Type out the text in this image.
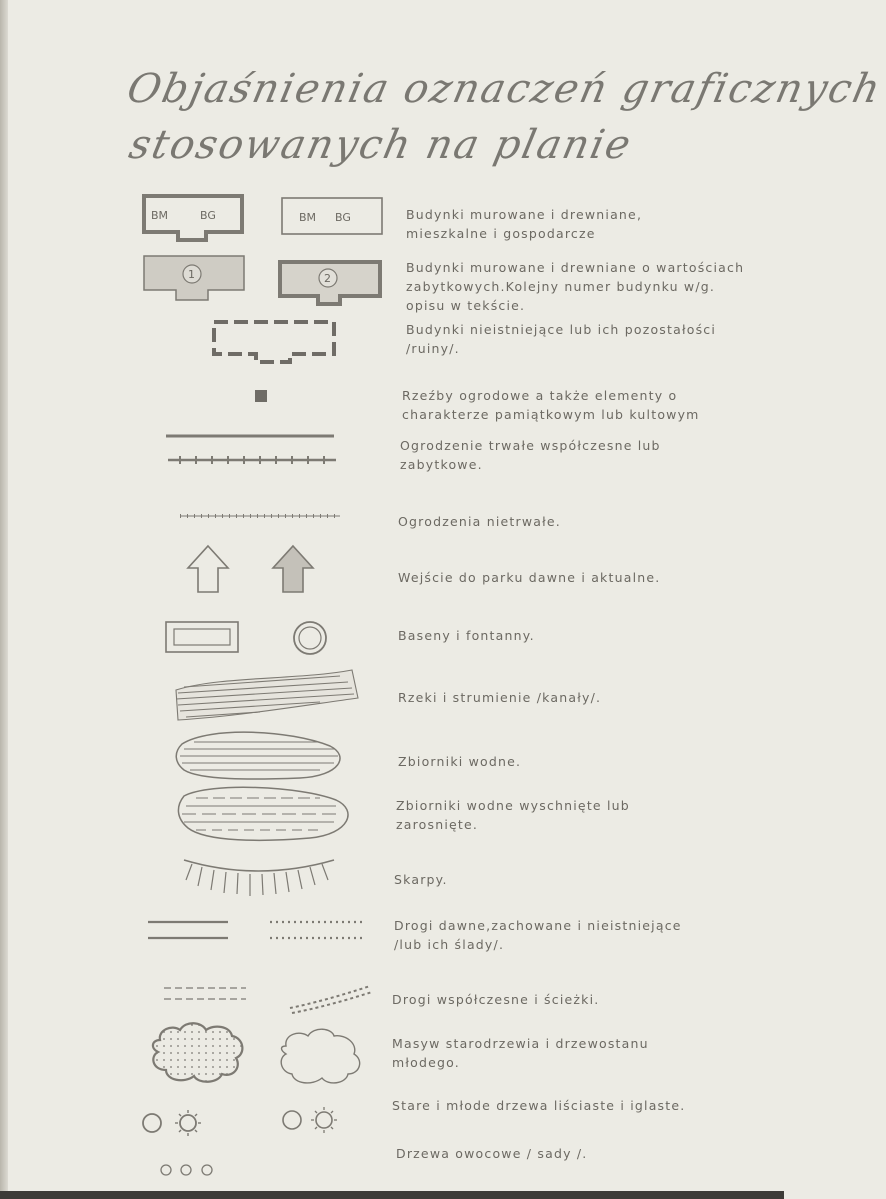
Objaśnienia oznaczeń graficznych
stosowanych na planie
BM	BG	BM BG
1	2
Budynki murowane i drewniane,
mieszkalne i gospodarcze
Budynki murowane i drewniane o wartościach
zabytkowych.Kolejny numer budynku w/g.
opisu w tekście.
Budynki nieistniejące lub ich pozostałości
/ruiny/.
Rzeźby ogrodowe a także elementy o
charakterze pamiątkowym lub kultowym
Ogrodzenie trwałe współczesne lub
zabytkowe.
Ogrodzenia nietrwałe.
Wejście do parku dawne i aktualne.
Baseny i fontanny.
Rzeki i strumienie /kanały/.
Zbiorniki wodne.
Zbiorniki wodne wyschnięte lub
zarosnięte.
Skarpy.
Drogi dawne,zachowane i nieistniejące
/lub ich ślady/.
Drogi współczesne i ścieżki.
Masyw starodrzewia i drzewostanu
młodego.
Stare i młode drzewa liściaste i iglaste.
Drzewa owocowe / sady /.
